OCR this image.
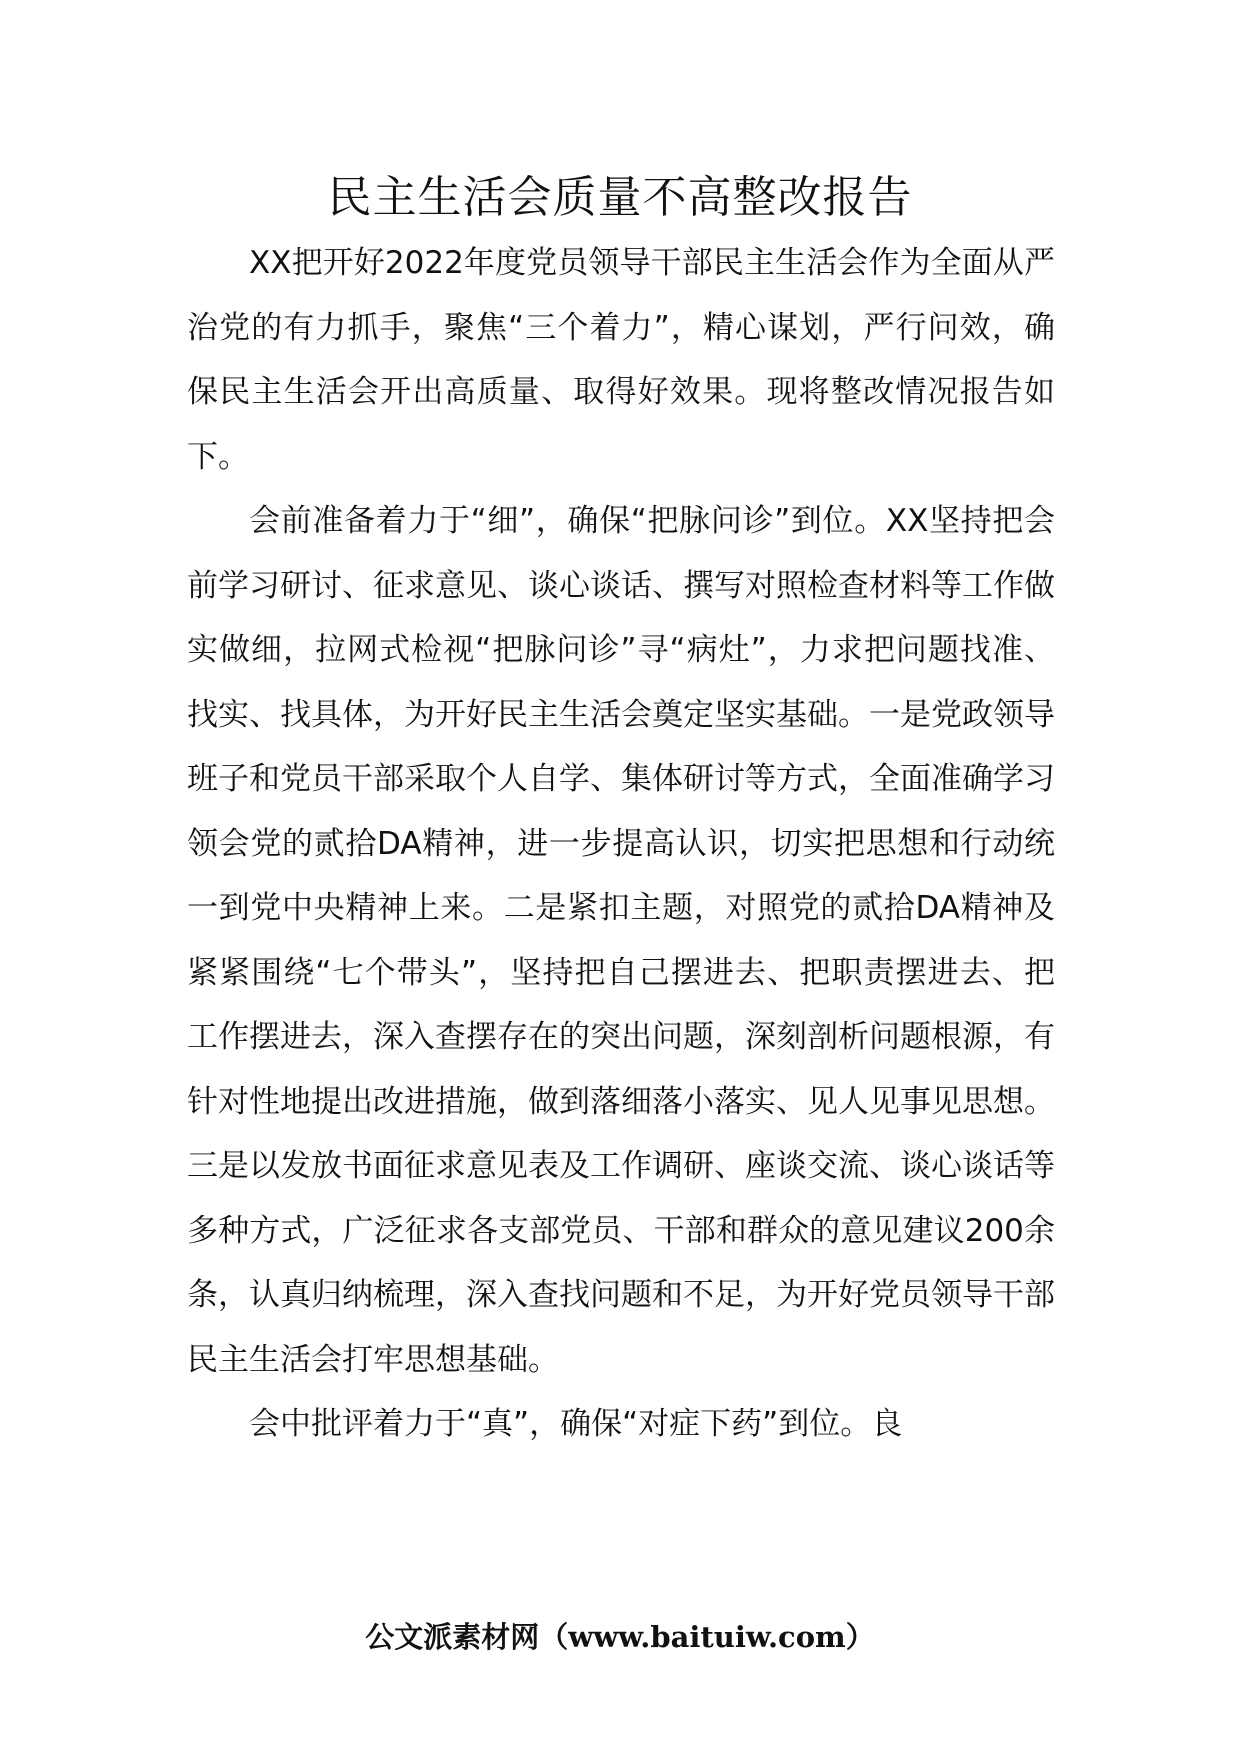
民主生活会质量不高整改报告

XX把开好2022年度党员领导干部民主生活会作为全面从严治党的有力抓手，聚焦“三个着力”，精心谋划，严行问效，确保民主生活会开出高质量、取得好效果。现将整改情况报告如下。

会前准备着力于“细”，确保“把脉问诊”到位。XX坚持把会前学习研讨、征求意见、谈心谈话、撰写对照检查材料等工作做实做细，拉网式检视“把脉问诊”寻“病灶”，力求把问题找准、找实、找具体，为开好民主生活会奠定坚实基础。一是党政领导班子和党员干部采取个人自学、集体研讨等方式，全面准确学习领会党的贰拾DA精神，进一步提高认识，切实把思想和行动统一到党中央精神上来。二是紧扣主题，对照党的贰拾DA精神及紧紧围绕“七个带头”，坚持把自己摆进去、把职责摆进去、把工作摆进去，深入查摆存在的突出问题，深刻剖析问题根源，有针对性地提出改进措施，做到落细落小落实、见人见事见思想。三是以发放书面征求意见表及工作调研、座谈交流、谈心谈话等多种方式，广泛征求各支部党员、干部和群众的意见建议200余条，认真归纳梳理，深入查找问题和不足，为开好党员领导干部民主生活会打牢思想基础。

会中批评着力于“真”，确保“对症下药”到位。良

公文派素材网（www.baituiw.com）
